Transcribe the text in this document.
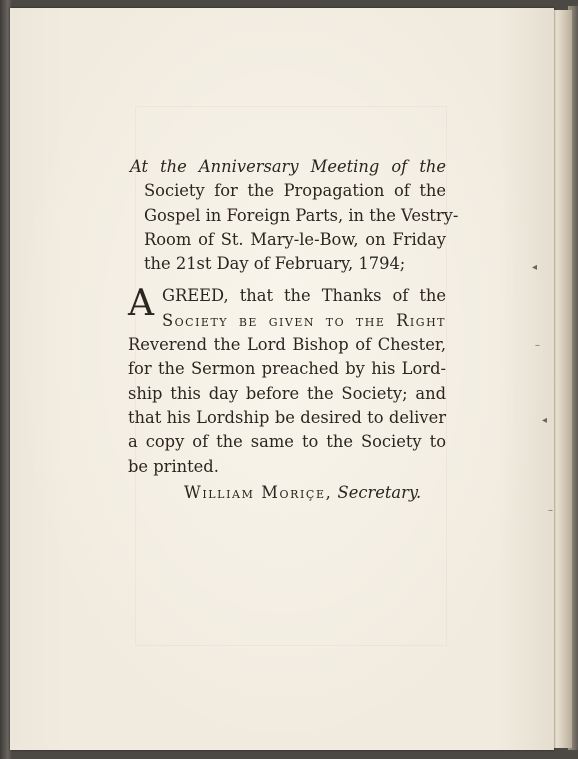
◂
–
◂
–
At the Anniversary Meeting of the
Society for the Propagation of the
Gospel in Foreign Parts, in the Vestry-
Room of St. Mary-le-Bow, on Friday
the 21st Day of February, 1794;
A GREED, that the Thanks of the
Society be given to the Right
Reverend the Lord Bishop of Chester,
for the Sermon preached by his Lord-
ship this day before the Society; and
that his Lordship be desired to deliver
a copy of the same to the Society to
be printed.
William Moriçe, Secretary.
